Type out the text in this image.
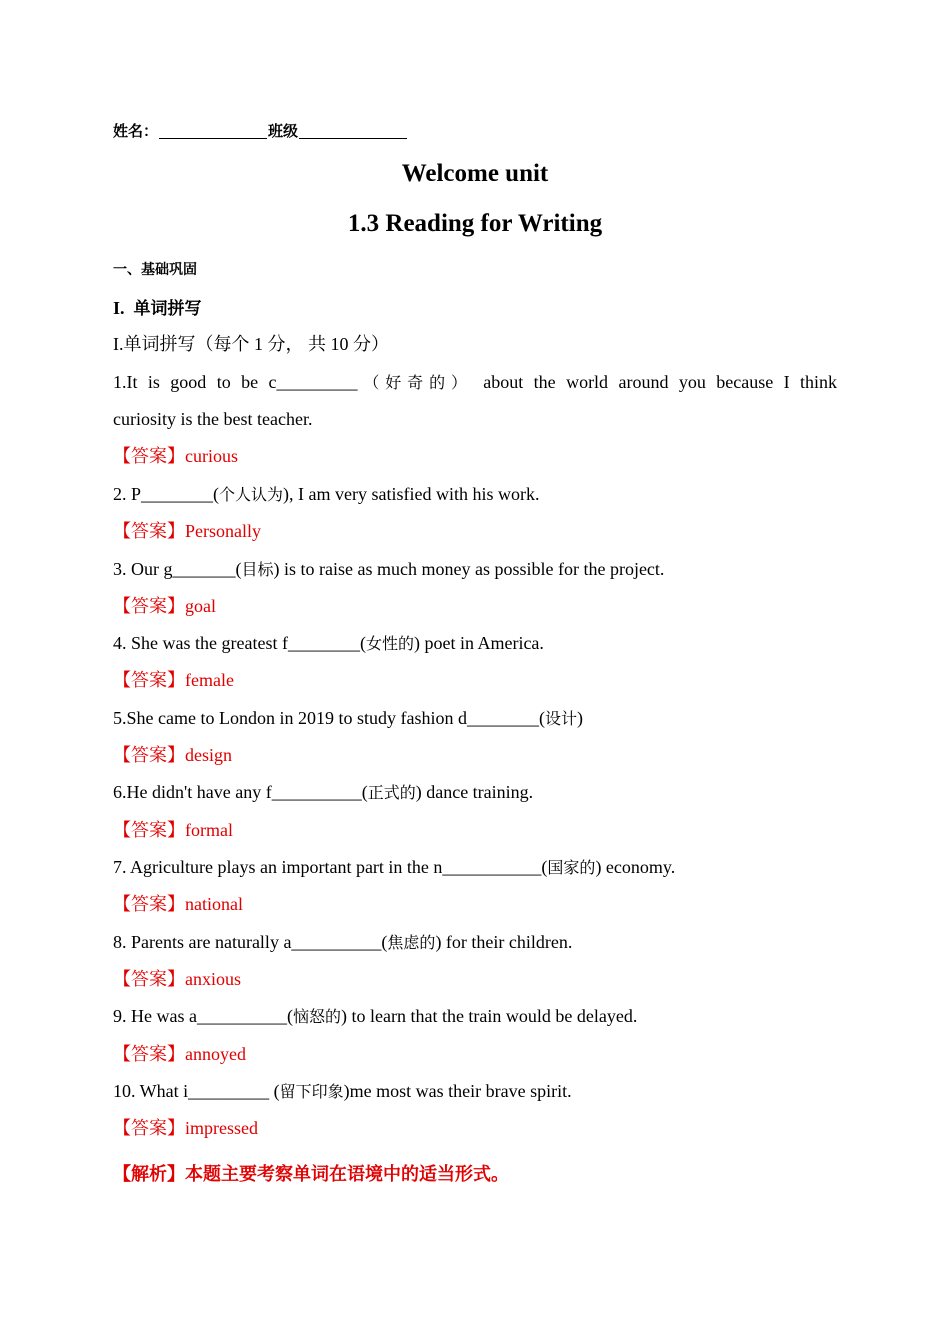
姓名：	班级
Welcome unit
1.3 Reading for Writing
一、基础巩固
I. 单词拼写
I.单词拼写（每个 1 分， 共 10 分）
1.It is good to be c_________（好奇的） about the world around you because I think
curiosity is the best teacher.
【答案】curious
2. P________(个人认为), I am very satisfied with his work.
【答案】Personally
3. Our g_______(目标) is to raise as much money as possible for the project.
【答案】goal
4. She was the greatest f________(女性的) poet in America.
【答案】female
5.She came to London in 2019 to study fashion d________(设计)
【答案】design
6.He didn't have any f__________(正式的) dance training.
【答案】formal
7. Agriculture plays an important part in the n___________(国家的) economy.
【答案】national
8. Parents are naturally a__________(焦虑的) for their children.
【答案】anxious
9. He was a__________(恼怒的) to learn that the train would be delayed.
【答案】annoyed
10. What i_________ (留下印象)me most was their brave spirit.
【答案】impressed
【解析】本题主要考察单词在语境中的适当形式。
